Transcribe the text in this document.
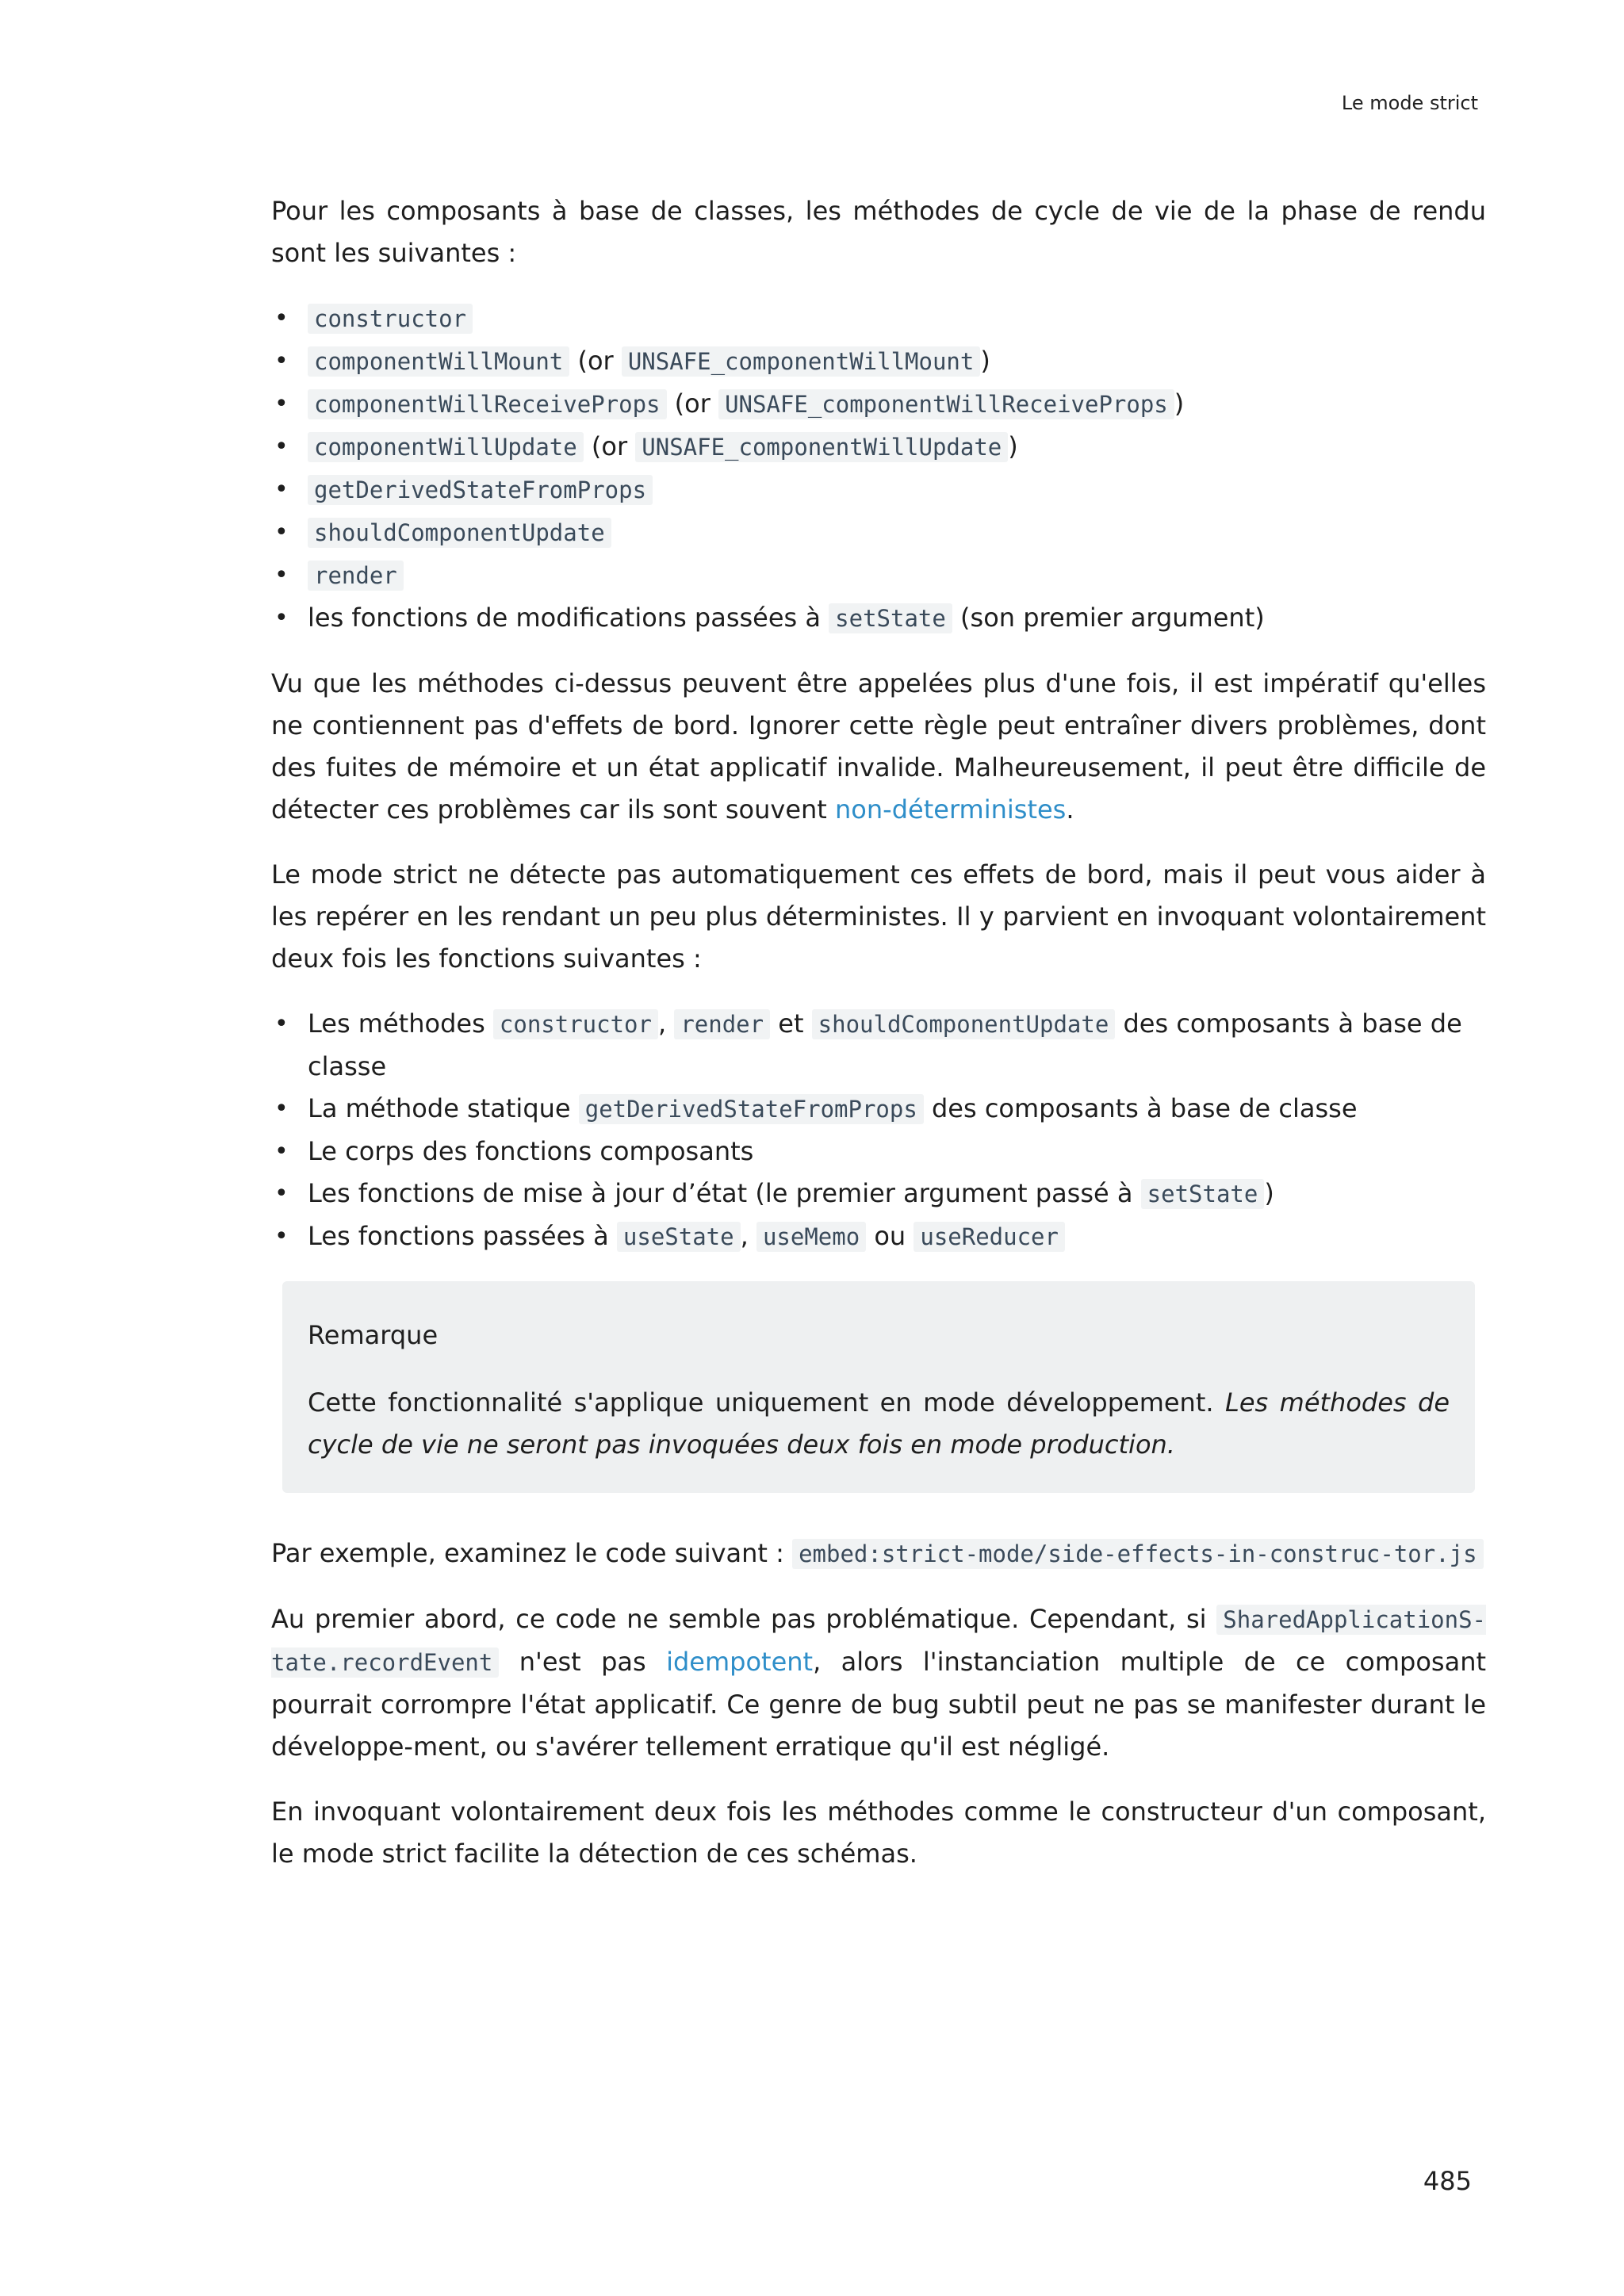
Le mode strict

Pour les composants à base de classes, les méthodes de cycle de vie de la phase de rendu sont les suivantes :

• constructor
• componentWillMount (or UNSAFE_componentWillMount )
• componentWillReceiveProps (or UNSAFE_componentWillReceiveProps )
• componentWillUpdate (or UNSAFE_componentWillUpdate )
• getDerivedStateFromProps
• shouldComponentUpdate
• render
• les fonctions de modifications passées à setState (son premier argument)

Vu que les méthodes ci-dessus peuvent être appelées plus d'une fois, il est impératif qu'elles ne contiennent pas d'effets de bord. Ignorer cette règle peut entraîner divers problèmes, dont des fuites de mémoire et un état applicatif invalide. Malheureusement, il peut être difficile de détecter ces problèmes car ils sont souvent non-déterministes.

Le mode strict ne détecte pas automatiquement ces effets de bord, mais il peut vous aider à les repérer en les rendant un peu plus déterministes. Il y parvient en invoquant volontairement deux fois les fonctions suivantes :

• Les méthodes constructor , render et shouldComponentUpdate des composants à base de classe
• La méthode statique getDerivedStateFromProps des composants à base de classe
• Le corps des fonctions composants
• Les fonctions de mise à jour d’état (le premier argument passé à setState )
• Les fonctions passées à useState , useMemo ou useReducer

Remarque

Cette fonctionnalité s'applique uniquement en mode développement. Les méthodes de cycle de vie ne seront pas invoquées deux fois en mode production.

Par exemple, examinez le code suivant : embed:strict-mode/side-effects-in-construc-tor.js

Au premier abord, ce code ne semble pas problématique. Cependant, si SharedApplicationS-tate.recordEvent n'est pas idempotent, alors l'instanciation multiple de ce composant pourrait corrompre l'état applicatif. Ce genre de bug subtil peut ne pas se manifester durant le développe-ment, ou s'avérer tellement erratique qu'il est négligé.

En invoquant volontairement deux fois les méthodes comme le constructeur d'un composant, le mode strict facilite la détection de ces schémas.

485
